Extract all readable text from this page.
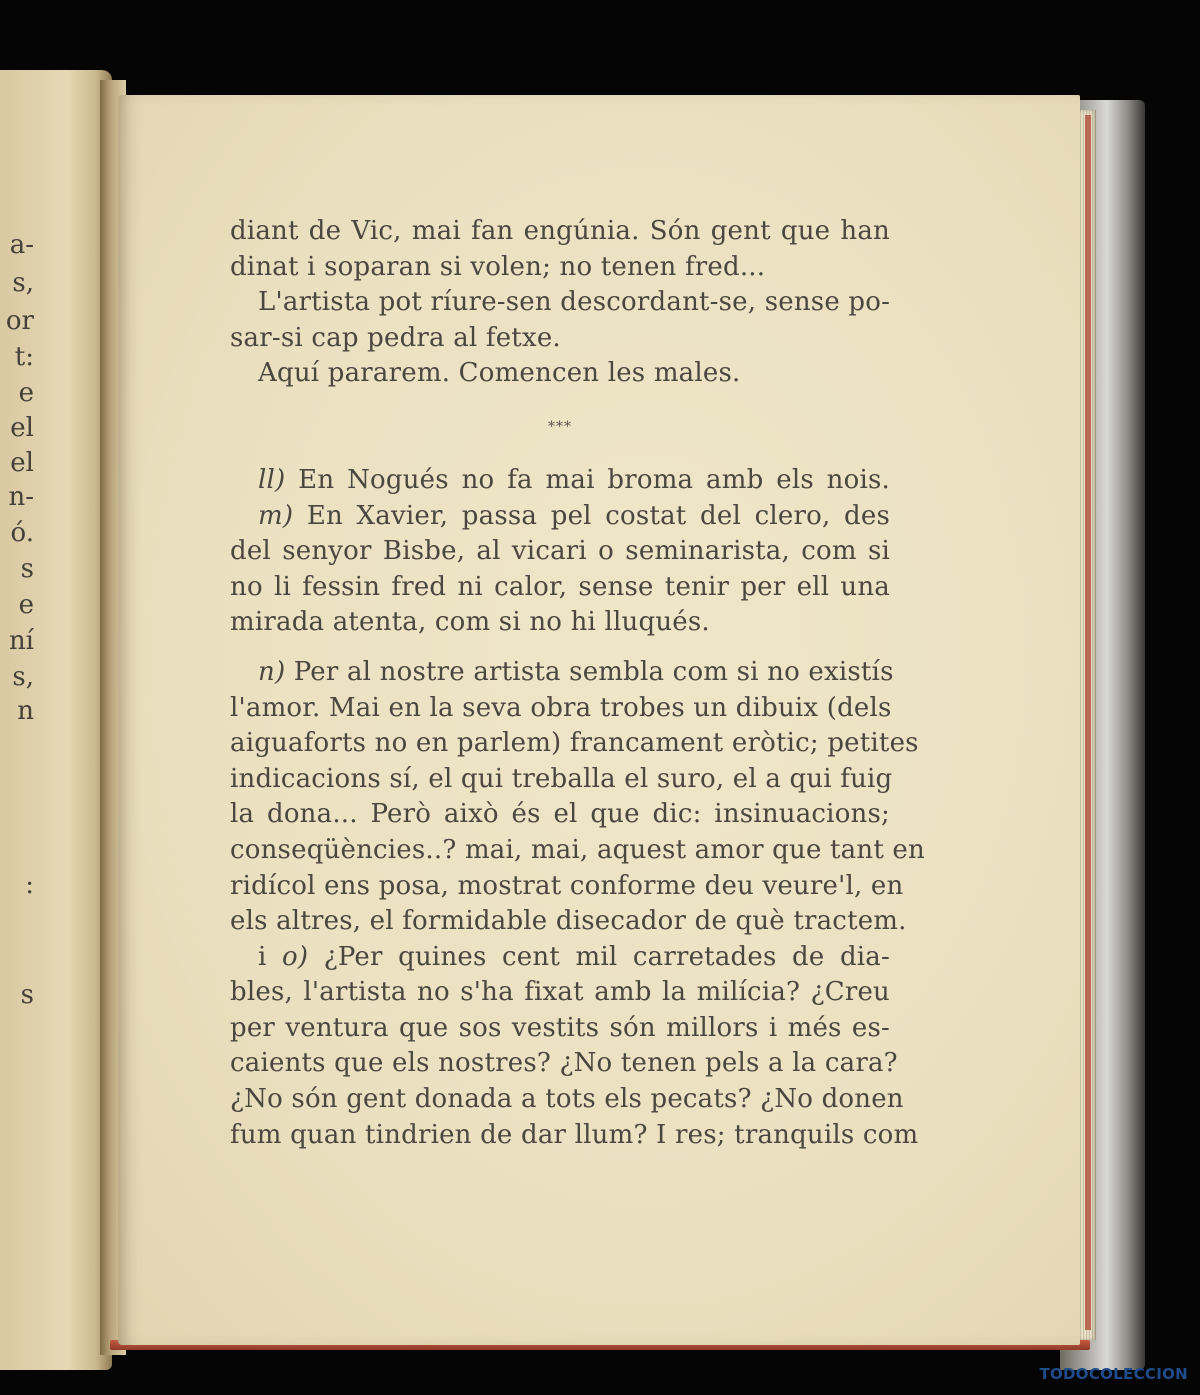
a-
s,
or
t:
e
el
el
n-
ó.
s
e
ní
s,
n
:
s
diant de Vic, mai fan engúnia. Són gent que han
dinat i soparan si volen; no tenen fred...
L'artista pot ríure-sen descordant-se, sense po-
sar-si cap pedra al fetxe.
Aquí pararem. Comencen les males.
***
ll) En Nogués no fa mai broma amb els nois.
m) En Xavier, passa pel costat del clero, des
del senyor Bisbe, al vicari o seminarista, com si
no li fessin fred ni calor, sense tenir per ell una
mirada atenta, com si no hi lluqués.
n) Per al nostre artista sembla com si no existís
l'amor. Mai en la seva obra trobes un dibuix (dels
aiguaforts no en parlem) francament eròtic; petites
indicacions sí, el qui treballa el suro, el a qui fuig
la dona... Però això és el que dic: insinuacions;
conseqüències..? mai, mai, aquest amor que tant en
ridícol ens posa, mostrat conforme deu veure'l, en
els altres, el formidable disecador de què tractem.
i o) ¿Per quines cent mil carretades de dia-
bles, l'artista no s'ha fixat amb la milícia? ¿Creu
per ventura que sos vestits són millors i més es-
caients que els nostres? ¿No tenen pels a la cara?
¿No són gent donada a tots els pecats? ¿No donen
fum quan tindrien de dar llum? I res; tranquils com
TODOCOLECCION
